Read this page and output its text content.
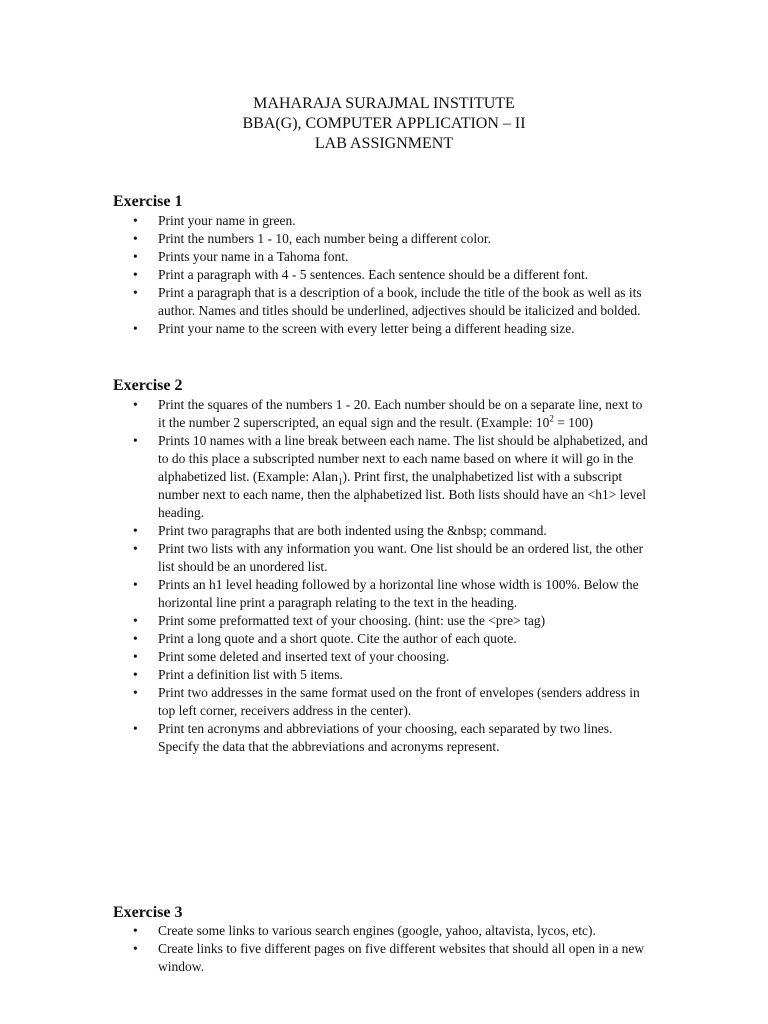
MAHARAJA SURAJMAL INSTITUTE
BBA(G), COMPUTER APPLICATION – II
LAB ASSIGNMENT
Exercise 1
• Print your name in green.
• Print the numbers 1 - 10, each number being a different color.
• Prints your name in a Tahoma font.
• Print a paragraph with 4 - 5 sentences. Each sentence should be a different font.
• Print a paragraph that is a description of a book, include the title of the book as well as its author. Names and titles should be underlined, adjectives should be italicized and bolded.
• Print your name to the screen with every letter being a different heading size.
Exercise 2
• Print the squares of the numbers 1 - 20. Each number should be on a separate line, next to it the number 2 superscripted, an equal sign and the result. (Example: $10^2 = 100$)
• Prints 10 names with a line break between each name. The list should be alphabetized, and to do this place a subscripted number next to each name based on where it will go in the alphabetized list. (Example: Alan$_1$). Print first, the unalphabetized list with a subscript number next to each name, then the alphabetized list. Both lists should have an <h1> level heading.
• Print two paragraphs that are both indented using the &nbsp; command.
• Print two lists with any information you want. One list should be an ordered list, the other list should be an unordered list.
• Prints an h1 level heading followed by a horizontal line whose width is 100%. Below the horizontal line print a paragraph relating to the text in the heading.
• Print some preformatted text of your choosing. (hint: use the <pre> tag)
• Print a long quote and a short quote. Cite the author of each quote.
• Print some deleted and inserted text of your choosing.
• Print a definition list with 5 items.
• Print two addresses in the same format used on the front of envelopes (senders address in top left corner, receivers address in the center).
• Print ten acronyms and abbreviations of your choosing, each separated by two lines. Specify the data that the abbreviations and acronyms represent.
Exercise 3
• Create some links to various search engines (google, yahoo, altavista, lycos, etc).
• Create links to five different pages on five different websites that should all open in a new window.
